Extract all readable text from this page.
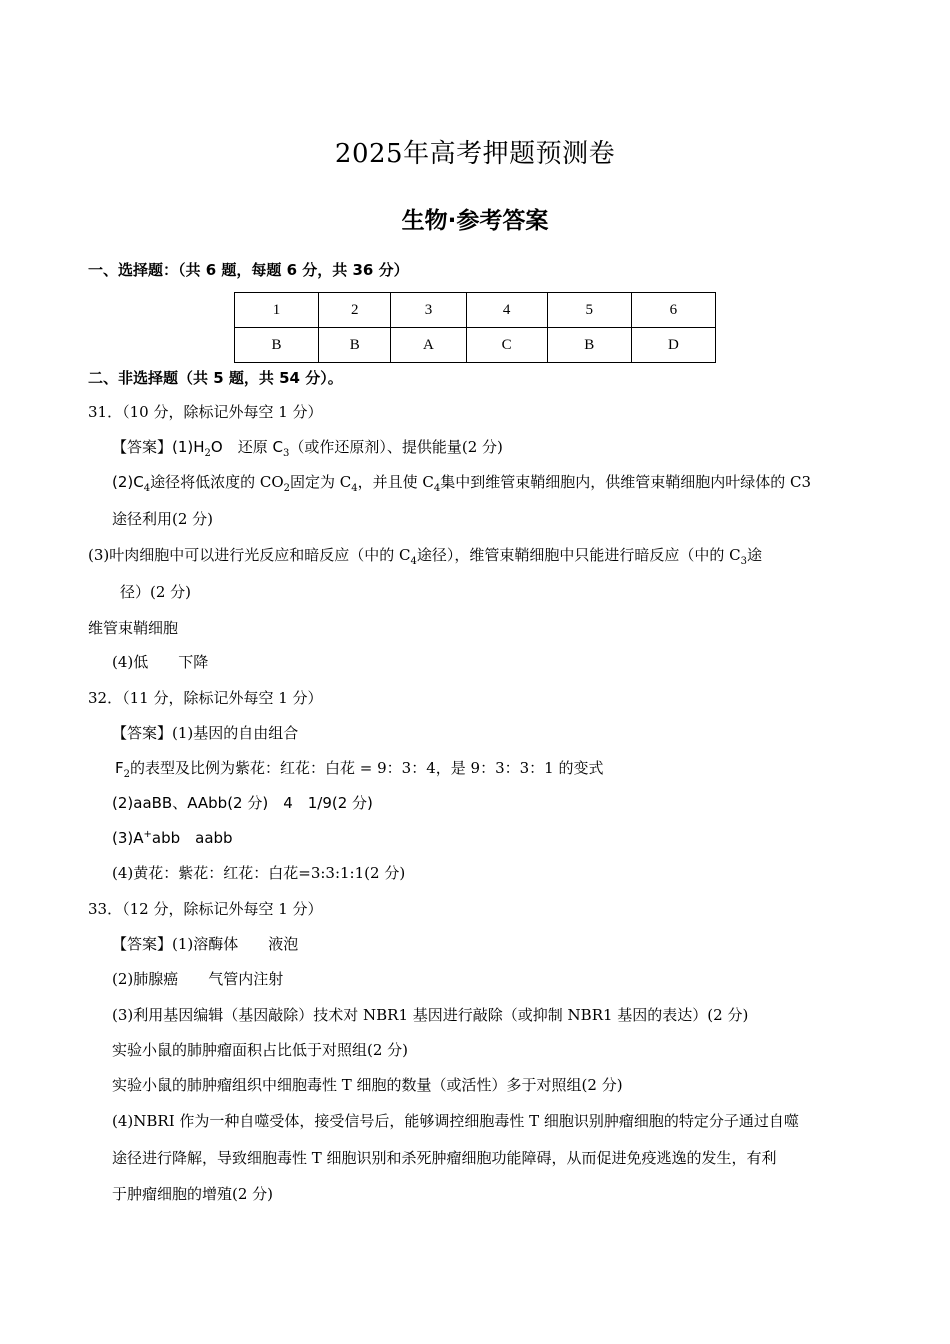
2025年高考押题预测卷
生物·参考答案
一、选择题：（共 6 题，每题 6 分，共 36 分）
1	2	3	4	5	6
B	B	A	C	B	D
二、非选择题（共 5 题，共 54 分）。
31．（10 分，除标记外每空 1 分）
【答案】$(1)H_2O$　还原 $C_3$（或作还原剂）、提供能量(2 分)
$(2)C_4$途径将低浓度的 $CO_2$固定为 $C_4$，并且使 $C_4$集中到维管束鞘细胞内，供维管束鞘细胞内叶绿体的 C3
途径利用(2 分)
(3)叶肉细胞中可以进行光反应和暗反应（中的 $C_4$途径），维管束鞘细胞中只能进行暗反应（中的 $C_3$途
径）(2 分)
维管束鞘细胞
(4)低　　下降
32．（11 分，除标记外每空 1 分）
【答案】(1)基因的自由组合
$F_2$的表型及比例为紫花：红花：白花 = 9：3：4，是 9：3：3：1 的变式
(2)aaBB、AAbb(2 分)　4　1/9(2 分)
(3)A+abb　aabb
(4)黄花：紫花：红花：白花=3:3:1:1(2 分)
33．（12 分，除标记外每空 1 分）
【答案】(1)溶酶体　　液泡
(2)肺腺癌　　气管内注射
(3)利用基因编辑（基因敲除）技术对 NBR1 基因进行敲除（或抑制 NBR1 基因的表达）(2 分)
实验小鼠的肺肿瘤面积占比低于对照组(2 分)
实验小鼠的肺肿瘤组织中细胞毒性 T 细胞的数量（或活性）多于对照组(2 分)
(4)NBRI 作为一种自噬受体，接受信号后，能够调控细胞毒性 T 细胞识别肿瘤细胞的特定分子通过自噬
途径进行降解，导致细胞毒性 T 细胞识别和杀死肿瘤细胞功能障碍，从而促进免疫逃逸的发生，有利
于肿瘤细胞的增殖(2 分)
